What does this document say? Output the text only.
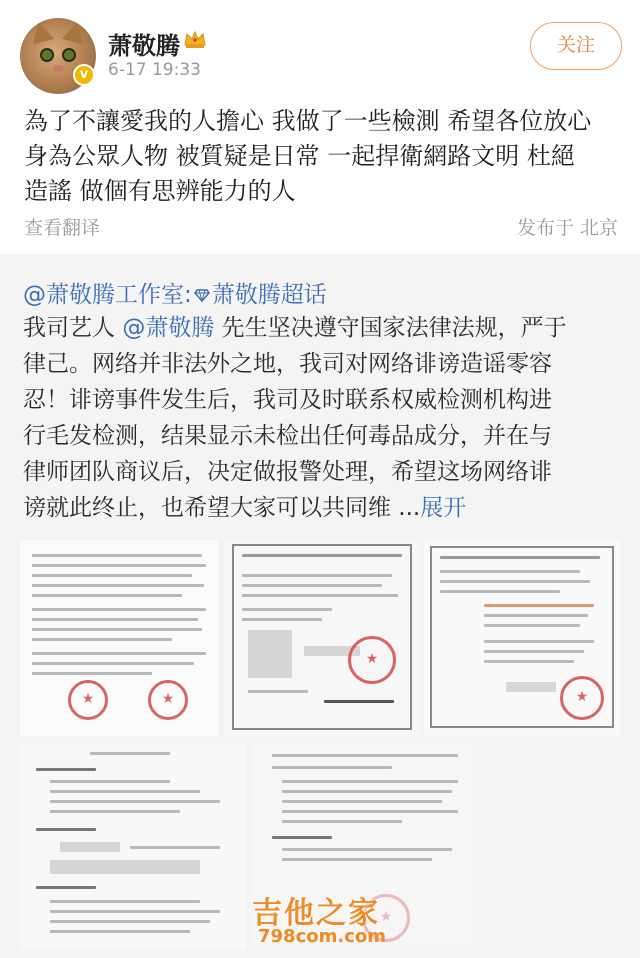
v
萧敬腾
6-17 19:33
关注
為了不讓愛我的人擔心 我做了一些檢測 希望各位放心
身為公眾人物 被質疑是日常 一起捍衛網路文明 杜絕
造謠 做個有思辨能力的人
查看翻译	发布于 北京
@萧敬腾工作室: 萧敬腾超话
我司艺人 @萧敬腾 先生坚决遵守国家法律法规，严于
律己。网络并非法外之地，我司对网络诽谤造谣零容
忍！诽谤事件发生后，我司及时联系权威检测机构进
行毛发检测，结果显示未检出任何毒品成分，并在与
律师团队商议后，决定做报警处理，希望这场网络诽
谤就此终止，也希望大家可以共同维 ...展开
★
★
★
★
★
吉他之家
798com.com
